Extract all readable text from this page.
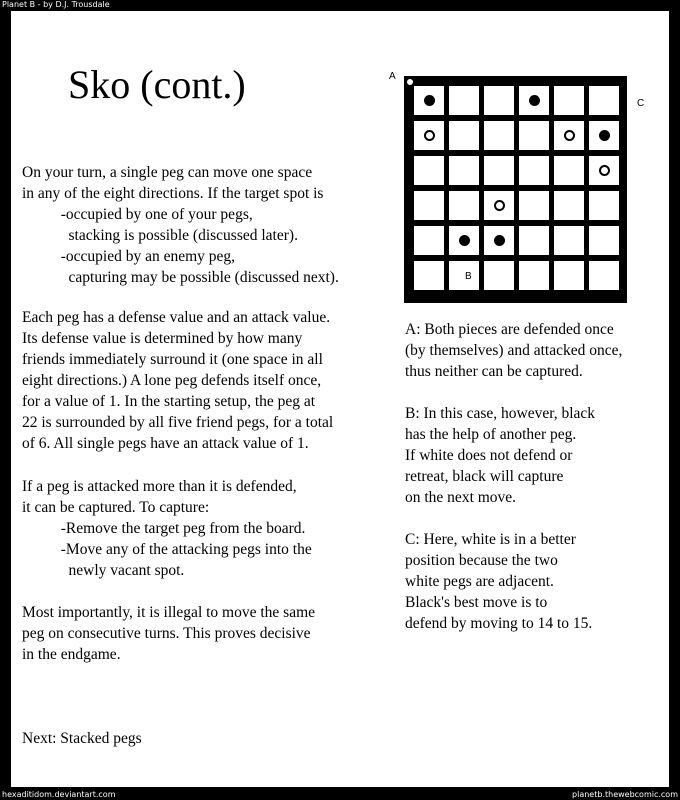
Planet B - by D.J. Trousdale
Sko (cont.)
On your turn, a single peg can move one space
in any of the eight directions. If the target spot is
-occupied by one of your pegs,
stacking is possible (discussed later).
-occupied by an enemy peg,
capturing may be possible (discussed next).
Each peg has a defense value and an attack value.
Its defense value is determined by how many
friends immediately surround it (one space in all
eight directions.) A lone peg defends itself once,
for a value of 1. In the starting setup, the peg at
22 is surrounded by all five friend pegs, for a total
of 6. All single pegs have an attack value of 1.
If a peg is attacked more than it is defended,
it can be captured. To capture:
-Remove the target peg from the board.
-Move any of the attacking pegs into the
newly vacant spot.
Most importantly, it is illegal to move the same
peg on consecutive turns. This proves decisive
in the endgame.
Next: Stacked pegs
A
C
B
A: Both pieces are defended once
(by themselves) and attacked once,
thus neither can be captured.
B: In this case, however, black
has the help of another peg.
If white does not defend or
retreat, black will capture
on the next move.
C: Here, white is in a better
position because the two
white pegs are adjacent.
Black's best move is to
defend by moving to 14 to 15.
hexaditidom.deviantart.com	planetb.thewebcomic.com
